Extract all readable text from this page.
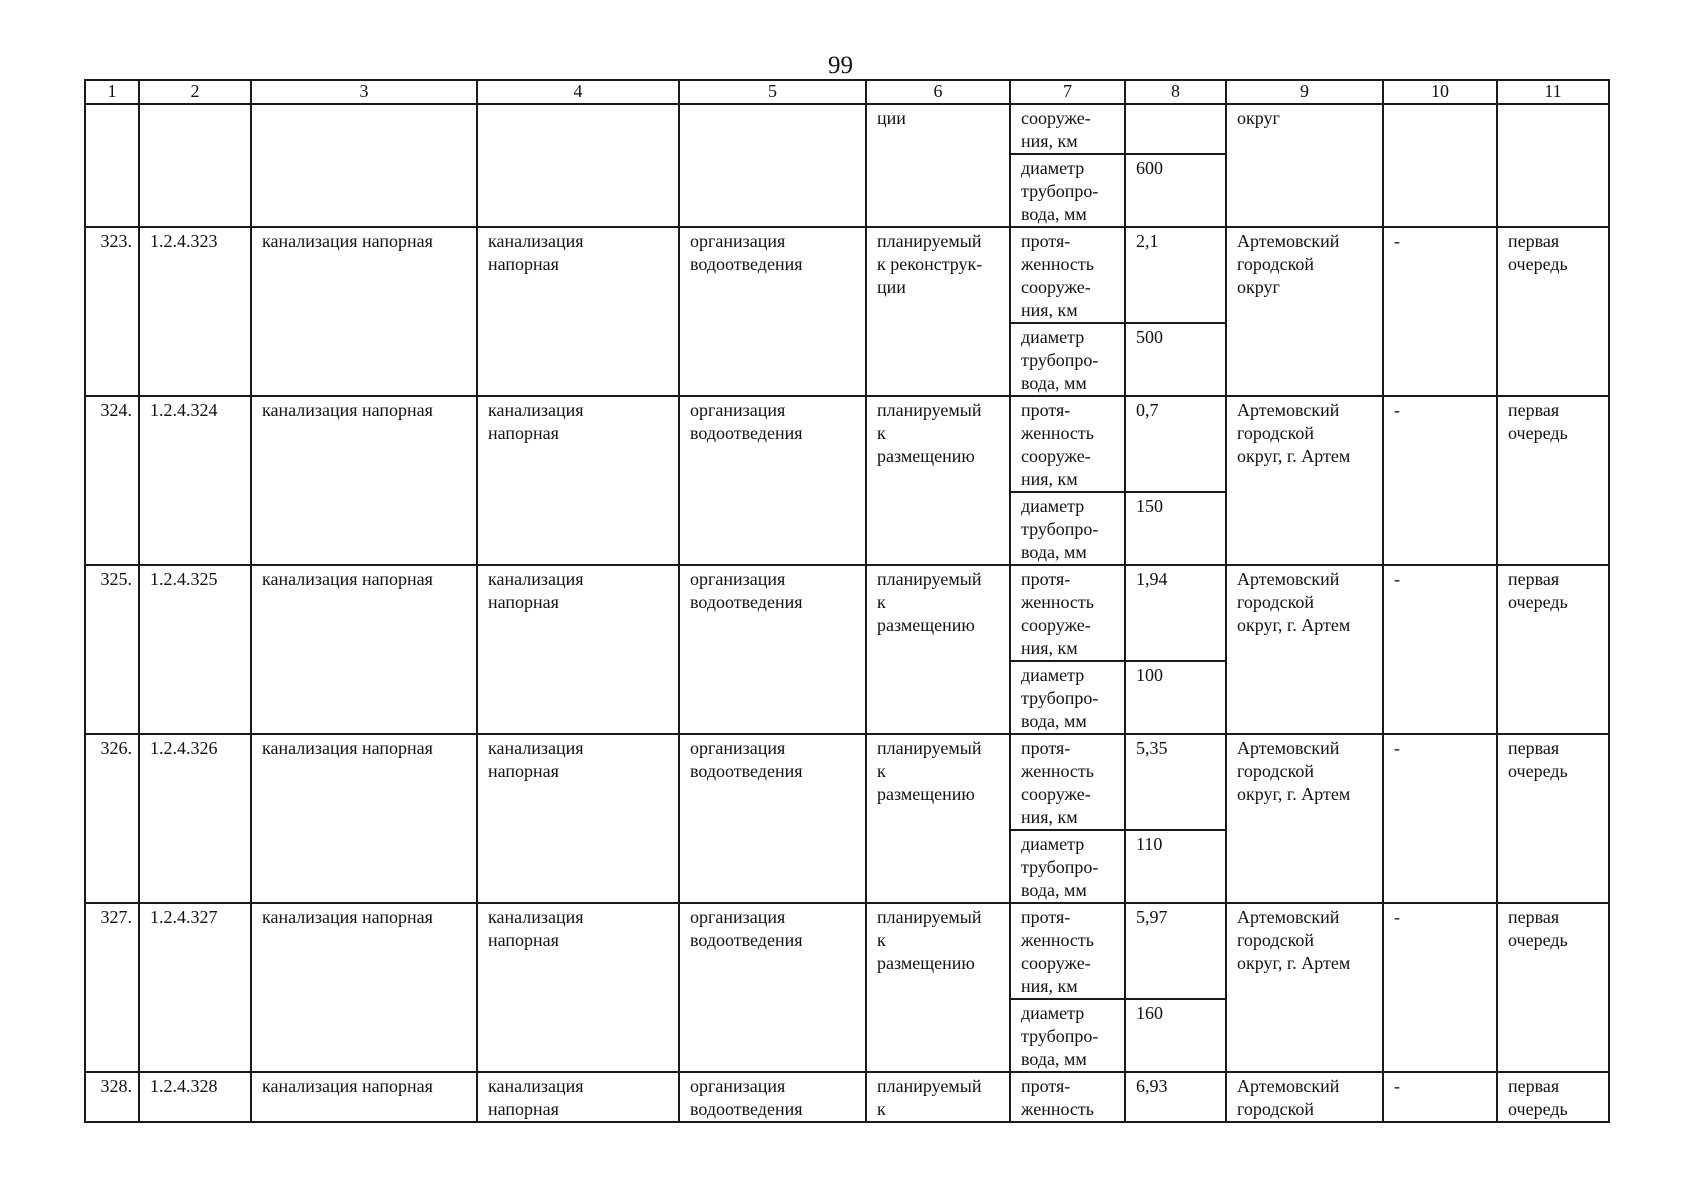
99
1	2	3	4	5	6	7	8	9	10	11
					ции	сооруже-
ния, км		округ		
						диаметр
трубопро-
вода, мм	600			
323.	1.2.4.323	канализация напорная	канализация
напорная	организация
водоотведения	планируемый
к реконструк-
ции	протя-
женность
сооруже-
ния, км	2,1	Артемовский
городской
округ	-	первая
очередь
						диаметр
трубопро-
вода, мм	500			
324.	1.2.4.324	канализация напорная	канализация
напорная	организация
водоотведения	планируемый
к
размещению	протя-
женность
сооруже-
ния, км	0,7	Артемовский
городской
округ, г. Артем	-	первая
очередь
						диаметр
трубопро-
вода, мм	150			
325.	1.2.4.325	канализация напорная	канализация
напорная	организация
водоотведения	планируемый
к
размещению	протя-
женность
сооруже-
ния, км	1,94	Артемовский
городской
округ, г. Артем	-	первая
очередь
						диаметр
трубопро-
вода, мм	100			
326.	1.2.4.326	канализация напорная	канализация
напорная	организация
водоотведения	планируемый
к
размещению	протя-
женность
сооруже-
ния, км	5,35	Артемовский
городской
округ, г. Артем	-	первая
очередь
						диаметр
трубопро-
вода, мм	110			
327.	1.2.4.327	канализация напорная	канализация
напорная	организация
водоотведения	планируемый
к
размещению	протя-
женность
сооруже-
ния, км	5,97	Артемовский
городской
округ, г. Артем	-	первая
очередь
						диаметр
трубопро-
вода, мм	160			
328.	1.2.4.328	канализация напорная	канализация
напорная	организация
водоотведения	планируемый
к	протя-
женность	6,93	Артемовский
городской	-	первая
очередь
